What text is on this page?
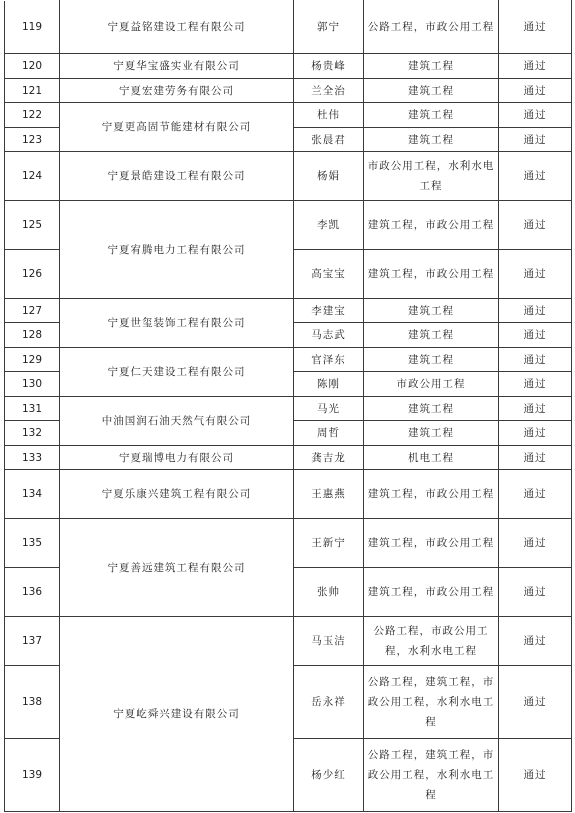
119	宁夏益铭建设工程有限公司	郭宁	公路工程，市政公用工程	通过
120	宁夏华宝盛实业有限公司	杨贵峰	建筑工程	通过
121	宁夏宏建劳务有限公司	兰全治	建筑工程	通过
122	宁夏更高固节能建材有限公司	杜伟	建筑工程	通过
123		张晨君	建筑工程	通过
124	宁夏景皓建设工程有限公司	杨娟	市政公用工程，水利水电工程	通过
125	宁夏宥腾电力工程有限公司	李凯	建筑工程，市政公用工程	通过
126		高宝宝	建筑工程，市政公用工程	通过
127	宁夏世玺装饰工程有限公司	李建宝	建筑工程	通过
128		马志武	建筑工程	通过
129	宁夏仁天建设工程有限公司	官泽东	建筑工程	通过
130		陈刚	市政公用工程	通过
131	中油国润石油天然气有限公司	马光	建筑工程	通过
132		周哲	建筑工程	通过
133	宁夏瑞博电力有限公司	龚吉龙	机电工程	通过
134	宁夏乐康兴建筑工程有限公司	王惠燕	建筑工程，市政公用工程	通过
135	宁夏善远建筑工程有限公司	王新宁	建筑工程，市政公用工程	通过
136		张帅	建筑工程，市政公用工程	通过
137	宁夏屹舜兴建设有限公司	马玉洁	公路工程，市政公用工程，水利水电工程	通过
138		岳永祥	公路工程，建筑工程，市政公用工程，水利水电工程	通过
139		杨少红	公路工程，建筑工程，市政公用工程，水利水电工程	通过
